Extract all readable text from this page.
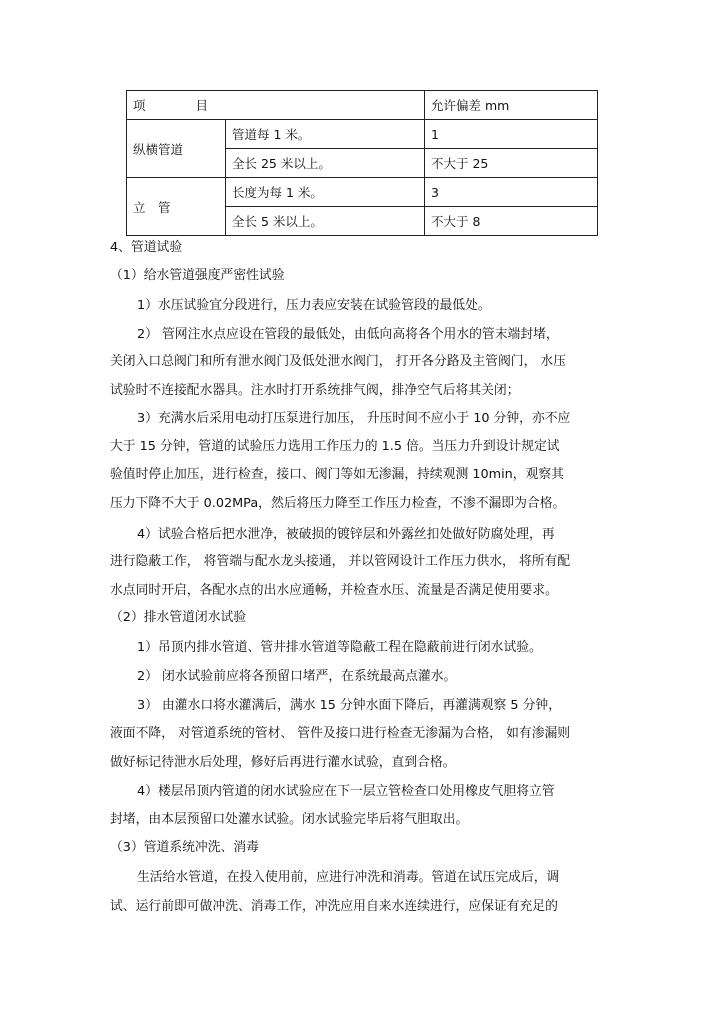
项　　　　目		允许偏差 mm
纵横管道	管道每 1 米。	1
	全长 25 米以上。	不大于 25
立　管	长度为每 1 米。	3
	全长 5 米以上。	不大于 8
4、管道试验
（1）给水管道强度严密性试验
1）水压试验宜分段进行，压力表应安装在试验管段的最低处。
2） 管网注水点应设在管段的最低处，由低向高将各个用水的管末端封堵，
关闭入口总阀门和所有泄水阀门及低处泄水阀门， 打开各分路及主管阀门， 水压
试验时不连接配水器具。注水时打开系统排气阀，排净空气后将其关闭；
3）充满水后采用电动打压泵进行加压， 升压时间不应小于 10 分钟，亦不应
大于 15 分钟，管道的试验压力选用工作压力的 1.5 倍。当压力升到设计规定试
验值时停止加压，进行检查，接口、阀门等如无渗漏，持续观测 10min，观察其
压力下降不大于 0.02MPa，然后将压力降至工作压力检查，不渗不漏即为合格。
4）试验合格后把水泄净，被破损的镀锌层和外露丝扣处做好防腐处理，再
进行隐蔽工作， 将管端与配水龙头接通， 并以管网设计工作压力供水， 将所有配
水点同时开启，各配水点的出水应通畅，并检查水压、流量是否满足使用要求。
（2）排水管道闭水试验
1）吊顶内排水管道、管井排水管道等隐蔽工程在隐蔽前进行闭水试验。
2） 闭水试验前应将各预留口堵严，在系统最高点灌水。
3） 由灌水口将水灌满后，满水 15 分钟水面下降后，再灌满观察 5 分钟，
液面不降， 对管道系统的管材、 管件及接口进行检查无渗漏为合格， 如有渗漏则
做好标记待泄水后处理，修好后再进行灌水试验，直到合格。
4）楼层吊顶内管道的闭水试验应在下一层立管检查口处用橡皮气胆将立管
封堵，由本层预留口处灌水试验。闭水试验完毕后将气胆取出。
（3）管道系统冲洗、消毒
生活给水管道，在投入使用前，应进行冲洗和消毒。管道在试压完成后，调
试、运行前即可做冲洗、消毒工作，冲洗应用自来水连续进行，应保证有充足的
